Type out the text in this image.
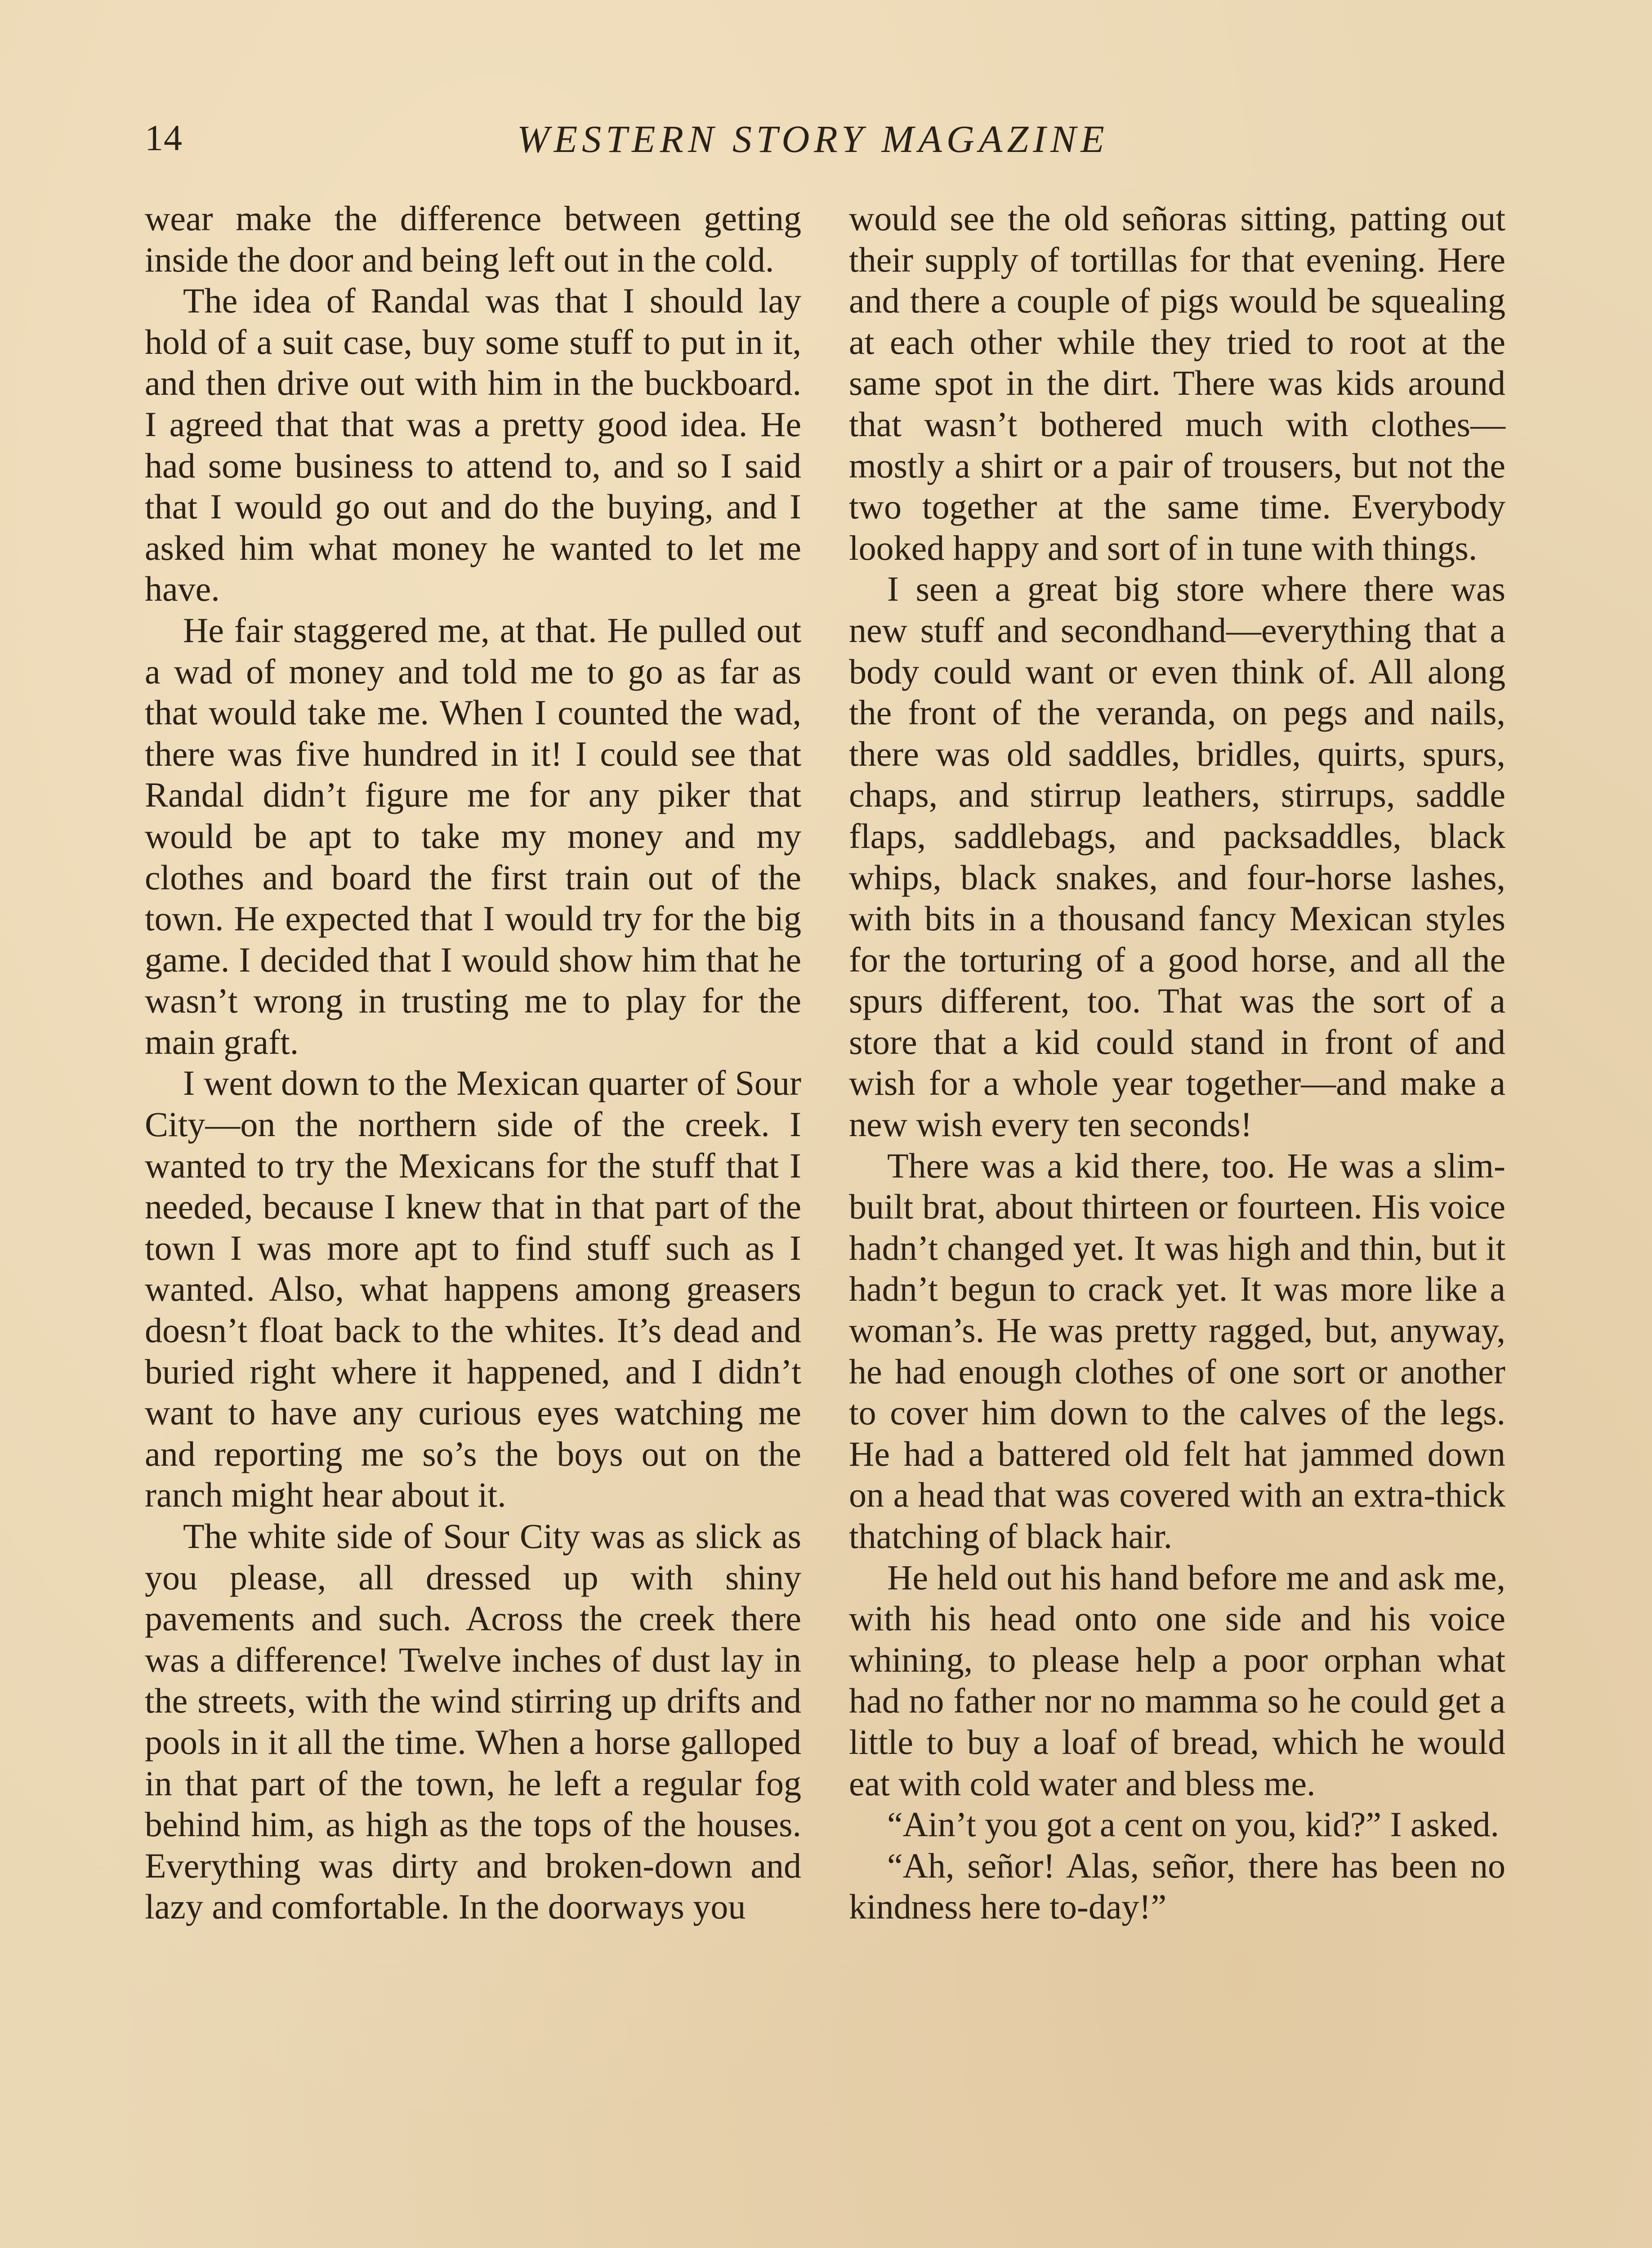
14	WESTERN STORY MAGAZINE

wear make the difference between getting inside the door and being left out in the cold.

The idea of Randal was that I should lay hold of a suit case, buy some stuff to put in it, and then drive out with him in the buckboard. I agreed that that was a pretty good idea. He had some business to attend to, and so I said that I would go out and do the buying, and I asked him what money he wanted to let me have.

He fair staggered me, at that. He pulled out a wad of money and told me to go as far as that would take me. When I counted the wad, there was five hundred in it! I could see that Randal didn’t figure me for any piker that would be apt to take my money and my clothes and board the first train out of the town. He expected that I would try for the big game. I decided that I would show him that he wasn’t wrong in trusting me to play for the main graft.

I went down to the Mexican quarter of Sour City—on the northern side of the creek. I wanted to try the Mexicans for the stuff that I needed, because I knew that in that part of the town I was more apt to find stuff such as I wanted. Also, what happens among greasers doesn’t float back to the whites. It’s dead and buried right where it happened, and I didn’t want to have any curious eyes watching me and reporting me so’s the boys out on the ranch might hear about it.

The white side of Sour City was as slick as you please, all dressed up with shiny pavements and such. Across the creek there was a difference! Twelve inches of dust lay in the streets, with the wind stirring up drifts and pools in it all the time. When a horse galloped in that part of the town, he left a regular fog behind him, as high as the tops of the houses. Everything was dirty and broken-down and lazy and comfortable. In the doorways you

would see the old señoras sitting, patting out their supply of tortillas for that evening. Here and there a couple of pigs would be squealing at each other while they tried to root at the same spot in the dirt. There was kids around that wasn’t bothered much with clothes—mostly a shirt or a pair of trousers, but not the two together at the same time. Everybody looked happy and sort of in tune with things.

I seen a great big store where there was new stuff and secondhand—everything that a body could want or even think of. All along the front of the veranda, on pegs and nails, there was old saddles, bridles, quirts, spurs, chaps, and stirrup leathers, stirrups, saddle flaps, saddlebags, and packsaddles, black whips, black snakes, and four-horse lashes, with bits in a thousand fancy Mexican styles for the torturing of a good horse, and all the spurs different, too. That was the sort of a store that a kid could stand in front of and wish for a whole year together—and make a new wish every ten seconds!

There was a kid there, too. He was a slim-built brat, about thirteen or fourteen. His voice hadn’t changed yet. It was high and thin, but it hadn’t begun to crack yet. It was more like a woman’s. He was pretty ragged, but, anyway, he had enough clothes of one sort or another to cover him down to the calves of the legs. He had a battered old felt hat jammed down on a head that was covered with an extra-thick thatching of black hair.

He held out his hand before me and ask me, with his head onto one side and his voice whining, to please help a poor orphan what had no father nor no mamma so he could get a little to buy a loaf of bread, which he would eat with cold water and bless me.

“Ain’t you got a cent on you, kid?” I asked.

“Ah, señor! Alas, señor, there has been no kindness here to-day!”
